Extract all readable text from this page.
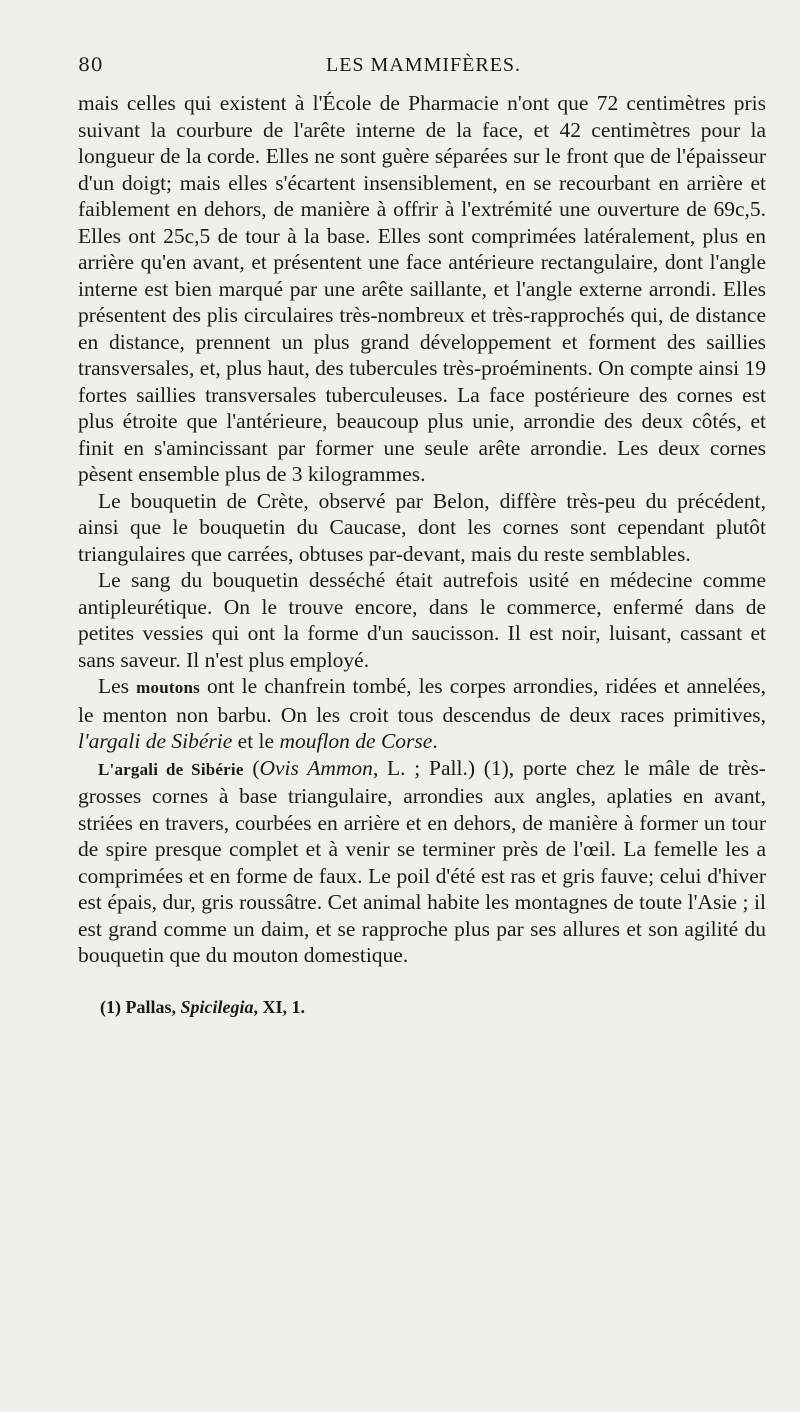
80	LES MAMMIFÈRES.

mais celles qui existent à l'École de Pharmacie n'ont que 72 centimètres pris suivant la courbure de l'arête interne de la face, et 42 centimètres pour la longueur de la corde. Elles ne sont guère séparées sur le front que de l'épaisseur d'un doigt; mais elles s'écartent insensiblement, en se recourbant en arrière et faiblement en dehors, de manière à offrir à l'extrémité une ouverture de 69c,5. Elles ont 25c,5 de tour à la base. Elles sont comprimées latéralement, plus en arrière qu'en avant, et présentent une face antérieure rectangulaire, dont l'angle interne est bien marqué par une arête saillante, et l'angle externe arrondi. Elles présentent des plis circulaires très-nombreux et très-rapprochés qui, de distance en distance, prennent un plus grand développement et forment des saillies transversales, et, plus haut, des tubercules très-proéminents. On compte ainsi 19 fortes saillies transversales tuberculeuses. La face postérieure des cornes est plus étroite que l'antérieure, beaucoup plus unie, arrondie des deux côtés, et finit en s'amincissant par former une seule arête arrondie. Les deux cornes pèsent ensemble plus de 3 kilogrammes.

Le bouquetin de Crète, observé par Belon, diffère très-peu du précédent, ainsi que le bouquetin du Caucase, dont les cornes sont cependant plutôt triangulaires que carrées, obtuses par-devant, mais du reste semblables.

Le sang du bouquetin desséché était autrefois usité en médecine comme antipleurétique. On le trouve encore, dans le commerce, enfermé dans de petites vessies qui ont la forme d'un saucisson. Il est noir, luisant, cassant et sans saveur. Il n'est plus employé.

Les moutons ont le chanfrein tombé, les corpes arrondies, ridées et annelées, le menton non barbu. On les croit tous descendus de deux races primitives, l'argali de Sibérie et le mouflon de Corse.

L'argali de Sibérie (Ovis Ammon, L. ; Pall.) (1), porte chez le mâle de très-grosses cornes à base triangulaire, arrondies aux angles, aplaties en avant, striées en travers, courbées en arrière et en dehors, de manière à former un tour de spire presque complet et à venir se terminer près de l'œil. La femelle les a comprimées et en forme de faux. Le poil d'été est ras et gris fauve; celui d'hiver est épais, dur, gris roussâtre. Cet animal habite les montagnes de toute l'Asie ; il est grand comme un daim, et se rapproche plus par ses allures et son agilité du bouquetin que du mouton domestique.

(1) Pallas, Spicilegia, XI, 1.
